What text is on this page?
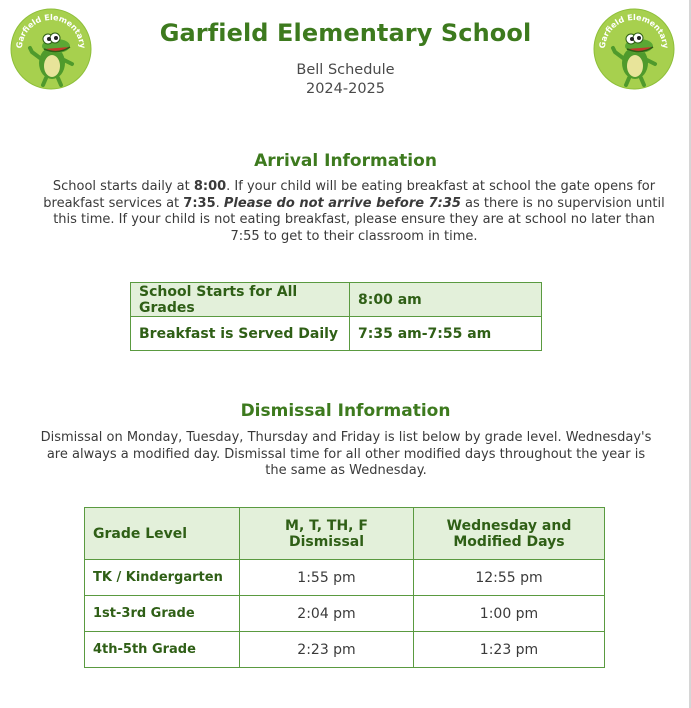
Garfield Elementary	Garfield Elementary
Garfield Elementary School
Bell Schedule
2024-2025
Arrival Information
School starts daily at 8:00. If your child will be eating breakfast at school the gate opens for breakfast services at 7:35. Please do not arrive before 7:35 as there is no supervision until this time. If your child is not eating breakfast, please ensure they are at school no later than 7:55 to get to their classroom in time.
School Starts for All Grades	8:00 am
Breakfast is Served Daily	7:35 am-7:55 am
Dismissal Information
Dismissal on Monday, Tuesday, Thursday and Friday is list below by grade level. Wednesday's are always a modified day. Dismissal time for all other modified days throughout the year is the same as Wednesday.
Grade Level	M, T, TH, F Dismissal	Wednesday and Modified Days
TK / Kindergarten	1:55 pm	12:55 pm
1st-3rd Grade	2:04 pm	1:00 pm
4th-5th Grade	2:23 pm	1:23 pm
